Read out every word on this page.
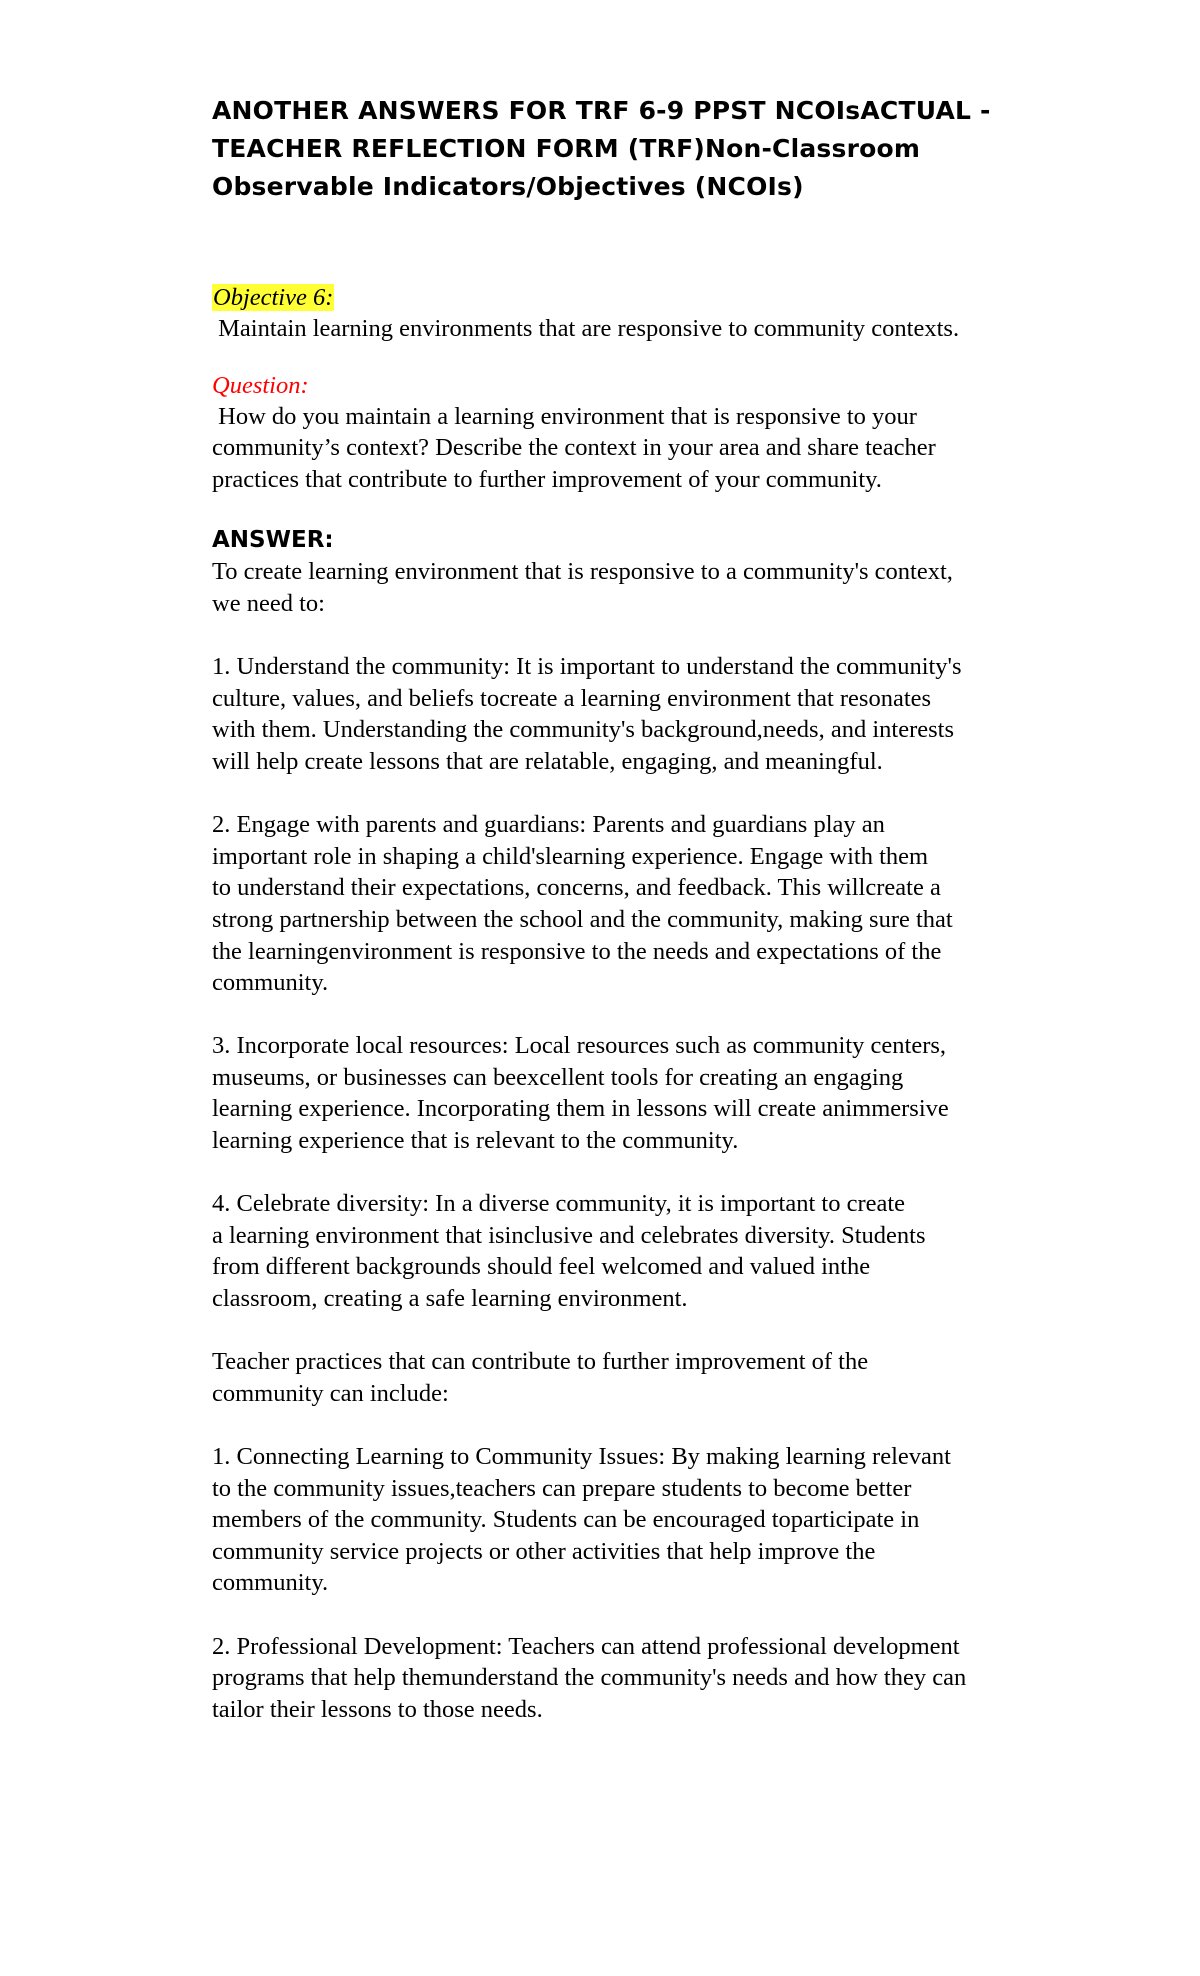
ANOTHER ANSWERS FOR TRF 6-9 PPST NCOIsACTUAL -
TEACHER REFLECTION FORM (TRF)Non-Classroom
Observable Indicators/Objectives (NCOIs)
Objective 6:
Maintain learning environments that are responsive to community contexts.
Question:
How do you maintain a learning environment that is responsive to your
community’s context? Describe the context in your area and share teacher
practices that contribute to further improvement of your community.
ANSWER:
To create learning environment that is responsive to a community's context,
we need to:
1. Understand the community: It is important to understand the community's
culture, values, and beliefs tocreate a learning environment that resonates
with them. Understanding the community's background,needs, and interests
will help create lessons that are relatable, engaging, and meaningful.
2. Engage with parents and guardians: Parents and guardians play an
important role in shaping a child'slearning experience. Engage with them
to understand their expectations, concerns, and feedback. This willcreate a
strong partnership between the school and the community, making sure that
the learningenvironment is responsive to the needs and expectations of the
community.
3. Incorporate local resources: Local resources such as community centers,
museums, or businesses can beexcellent tools for creating an engaging
learning experience. Incorporating them in lessons will create animmersive
learning experience that is relevant to the community.
4. Celebrate diversity: In a diverse community, it is important to create
a learning environment that isinclusive and celebrates diversity. Students
from different backgrounds should feel welcomed and valued inthe
classroom, creating a safe learning environment.
Teacher practices that can contribute to further improvement of the
community can include:
1. Connecting Learning to Community Issues: By making learning relevant
to the community issues,teachers can prepare students to become better
members of the community. Students can be encouraged toparticipate in
community service projects or other activities that help improve the
community.
2. Professional Development: Teachers can attend professional development
programs that help themunderstand the community's needs and how they can
tailor their lessons to those needs.
